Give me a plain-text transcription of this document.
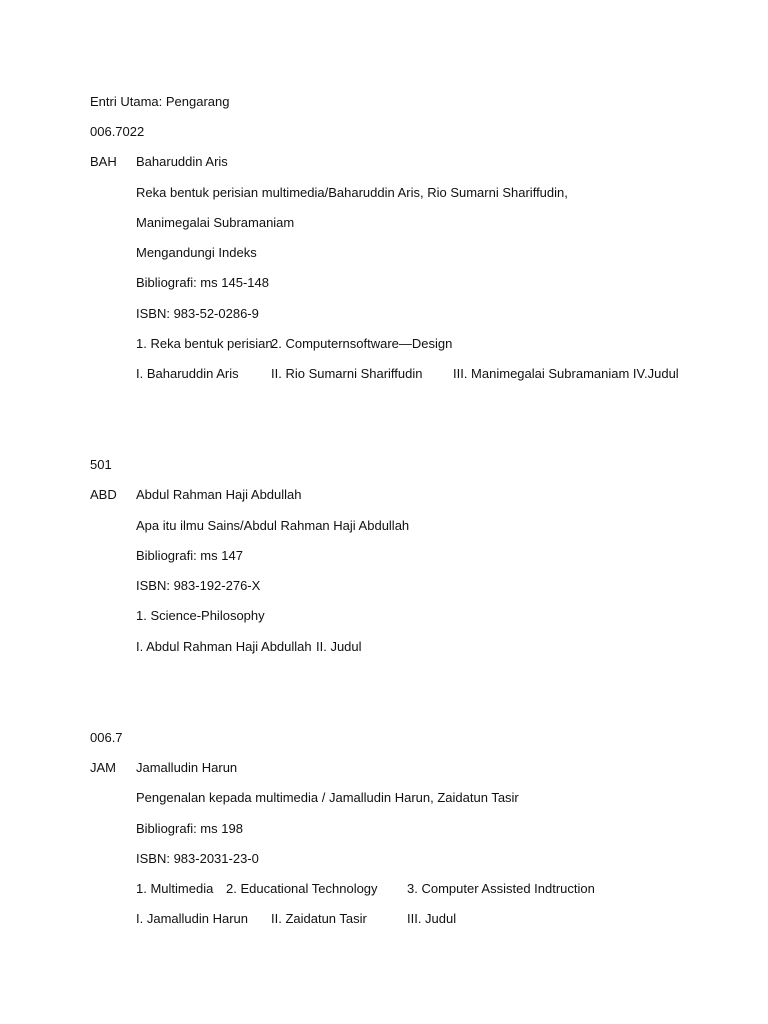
Entri Utama: Pengarang
006.7022
BAH Baharuddin Aris
Reka bentuk perisian multimedia/Baharuddin Aris, Rio Sumarni Shariffudin,
Manimegalai Subramaniam
Mengandungi Indeks
Bibliografi: ms 145-148
ISBN: 983-52-0286-9
1. Reka bentuk perisian
2. Computernsoftware—Design
I. Baharuddin Aris II. Rio Sumarni Shariffudin III. Manimegalai Subramaniam IV.Judul
501
ABD Abdul Rahman Haji Abdullah
Apa itu ilmu Sains/Abdul Rahman Haji Abdullah
Bibliografi: ms 147
ISBN: 983-192-276-X
1. Science-Philosophy
I. Abdul Rahman Haji Abdullah II. Judul
006.7
JAM Jamalludin Harun
Pengenalan kepada multimedia / Jamalludin Harun, Zaidatun Tasir
Bibliografi: ms 198
ISBN: 983-2031-23-0
1. Multimedia 2. Educational Technology 3. Computer Assisted Indtruction
I. Jamalludin Harun II. Zaidatun Tasir	III. Judul
